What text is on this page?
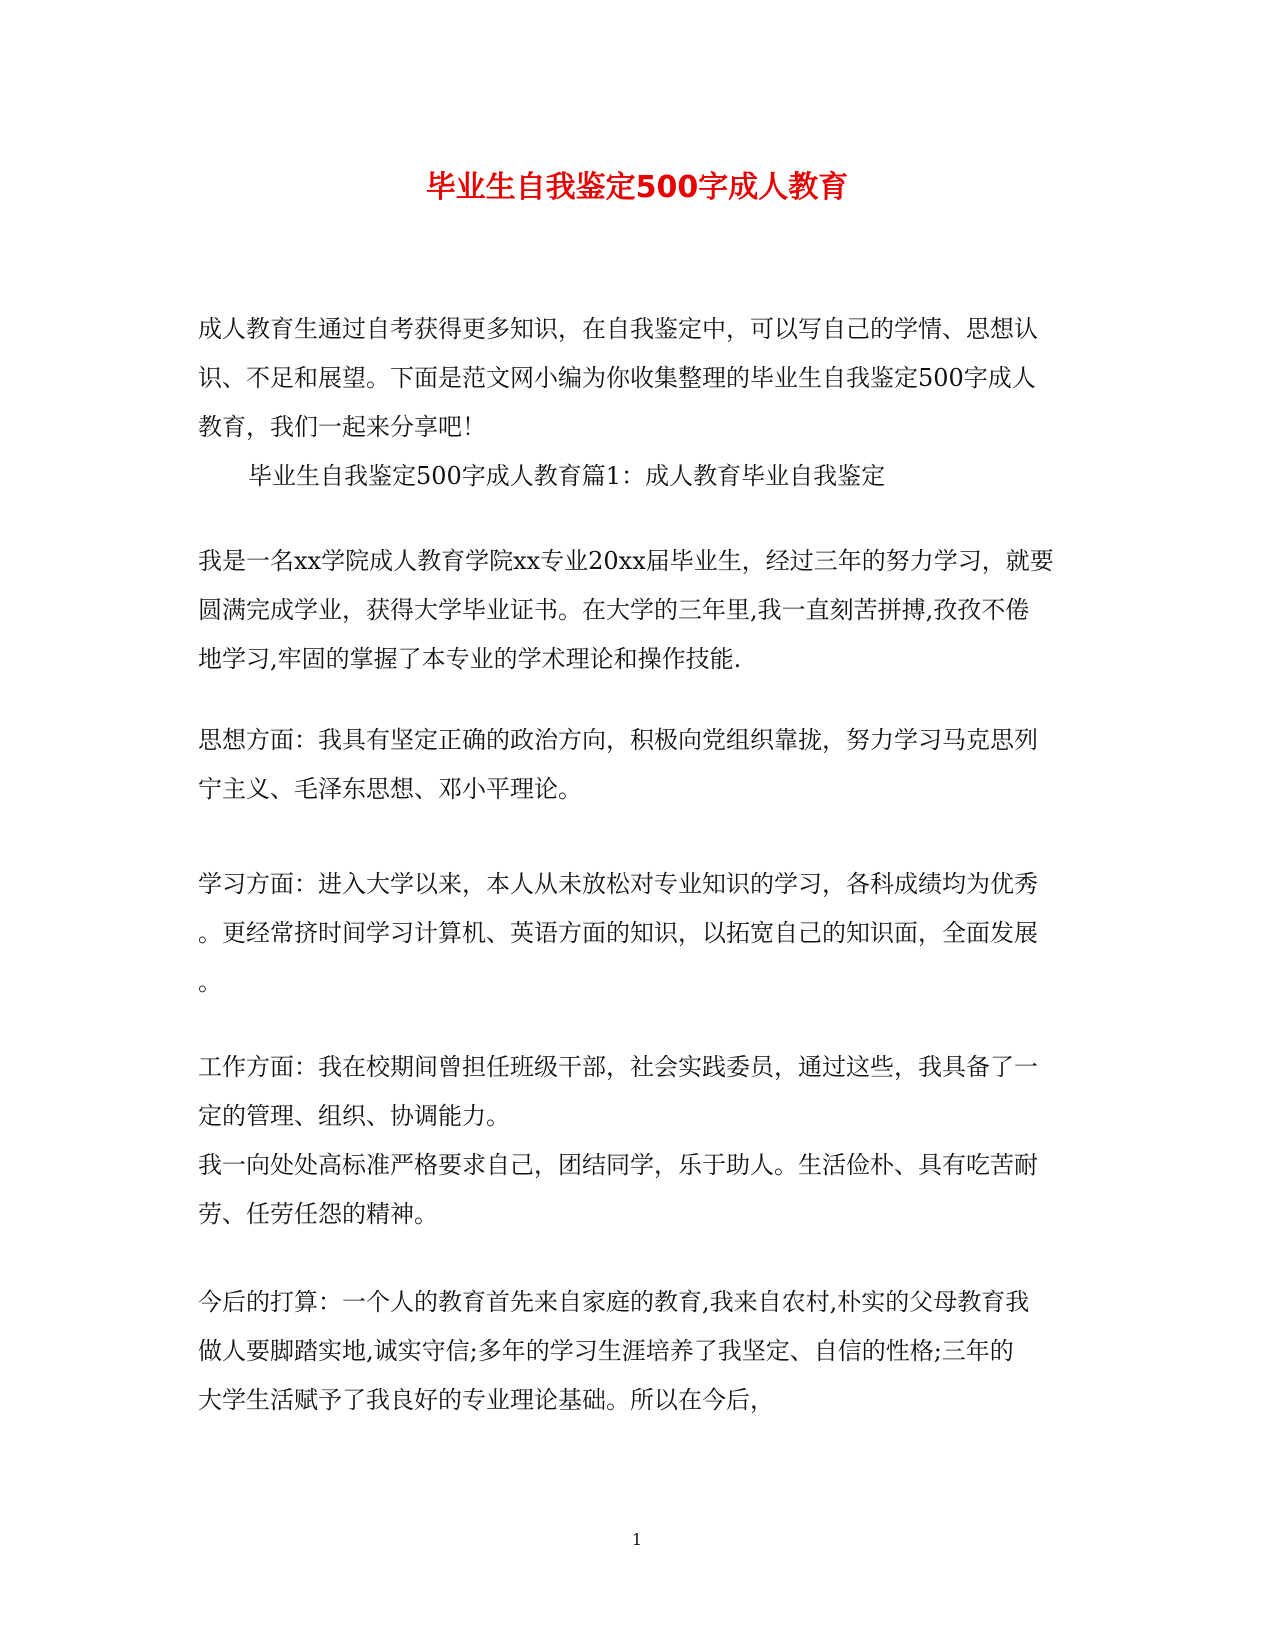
毕业生自我鉴定500字成人教育
成人教育生通过自考获得更多知识，在自我鉴定中，可以写自己的学情、思想认
识、不足和展望。下面是范文网小编为你收集整理的毕业生自我鉴定500字成人
教育，我们一起来分享吧！
毕业生自我鉴定500字成人教育篇1：成人教育毕业自我鉴定
我是一名xx学院成人教育学院xx专业20xx届毕业生，经过三年的努力学习，就要
圆满完成学业，获得大学毕业证书。在大学的三年里,我一直刻苦拼搏,孜孜不倦
地学习,牢固的掌握了本专业的学术理论和操作技能.
思想方面：我具有坚定正确的政治方向，积极向党组织靠拢，努力学习马克思列
宁主义、毛泽东思想、邓小平理论。
学习方面：进入大学以来，本人从未放松对专业知识的学习，各科成绩均为优秀
。更经常挤时间学习计算机、英语方面的知识，以拓宽自己的知识面，全面发展
。
工作方面：我在校期间曾担任班级干部，社会实践委员，通过这些，我具备了一
定的管理、组织、协调能力。
我一向处处高标准严格要求自己，团结同学，乐于助人。生活俭朴、具有吃苦耐
劳、任劳任怨的精神。
今后的打算：一个人的教育首先来自家庭的教育,我来自农村,朴实的父母教育我
做人要脚踏实地,诚实守信;多年的学习生涯培养了我坚定、自信的性格;三年的
大学生活赋予了我良好的专业理论基础。所以在今后，
1
